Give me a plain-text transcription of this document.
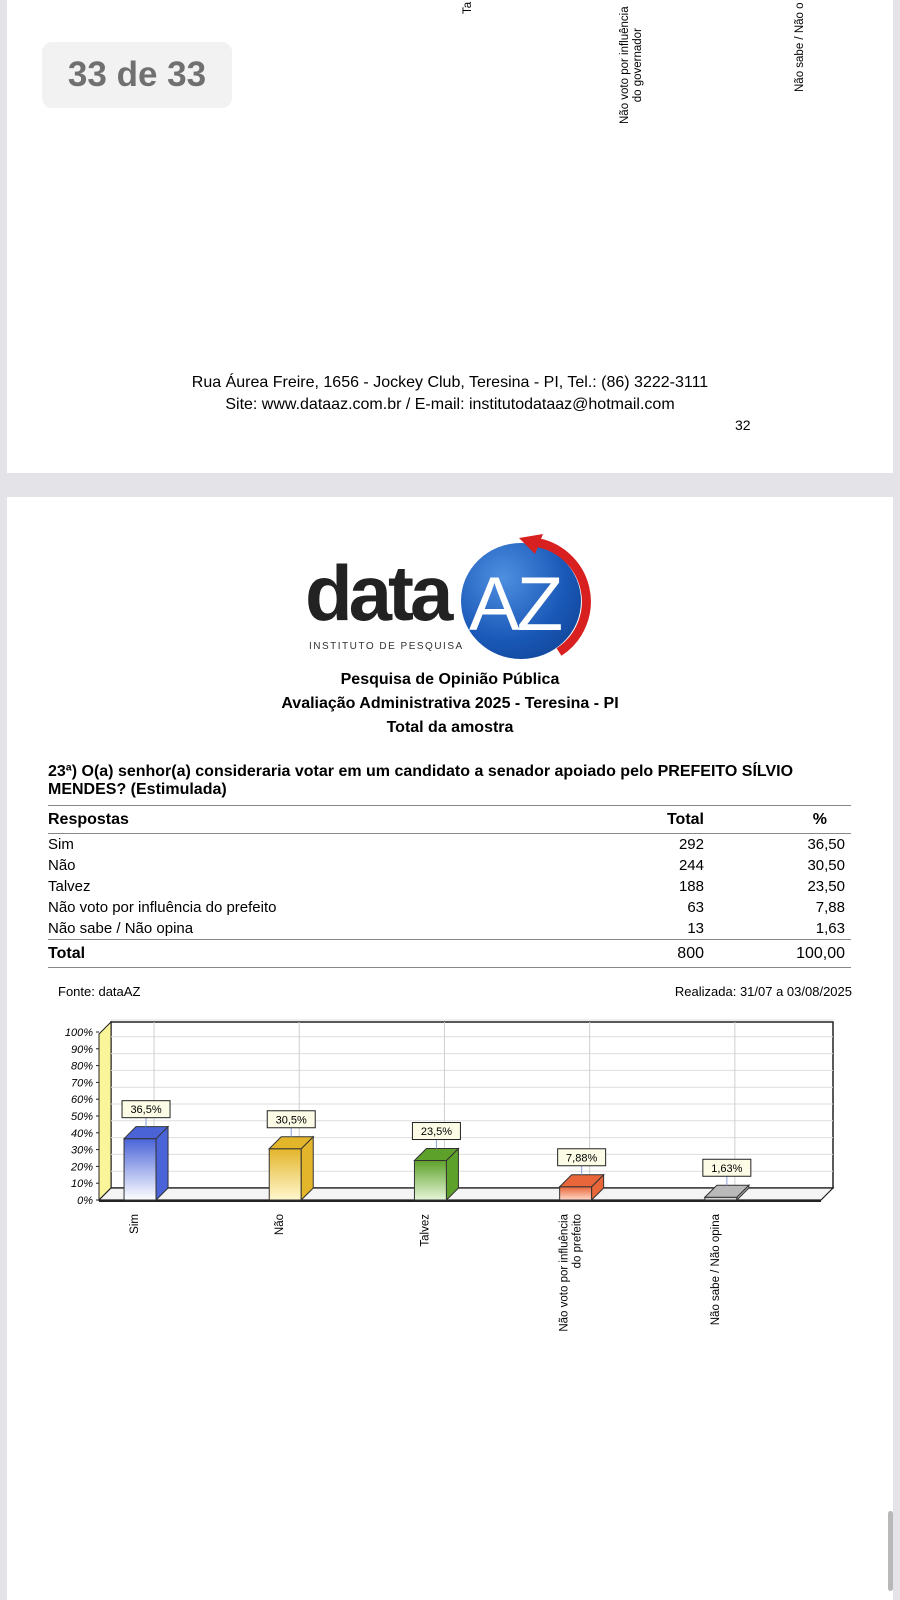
Ta	Não voto por influência do governador	Não sabe / Não o
Rua Áurea Freire, 1656 - Jockey Club, Teresina - PI, Tel.: (86) 3222-3111
Site: www.dataaz.com.br / E-mail: institutodataaz@hotmail.com
32
33 de 33
data AZ
INSTITUTO DE PESQUISA
Pesquisa de Opinião Pública
Avaliação Administrativa 2025 - Teresina - PI
Total da amostra
23ª) O(a) senhor(a) consideraria votar em um candidato a senador apoiado pelo PREFEITO SÍLVIO MENDES? (Estimulada)
Respostas	Total	%
Sim	292	36,50
Não	244	30,50
Talvez	188	23,50
Não voto por influência do prefeito	63	7,88
Não sabe / Não opina	13	1,63
Total	800	100,00
Fonte: dataAZ	Realizada: 31/07 a 03/08/2025
0%
10%
20%
30%
40%
50%
60%
70%
80%
90%
100%
36,5%
Sim
30,5%
Não
23,5%
Talvez
7,88%
Não voto por influência do prefeito
1,63%
Não sabe / Não opina
